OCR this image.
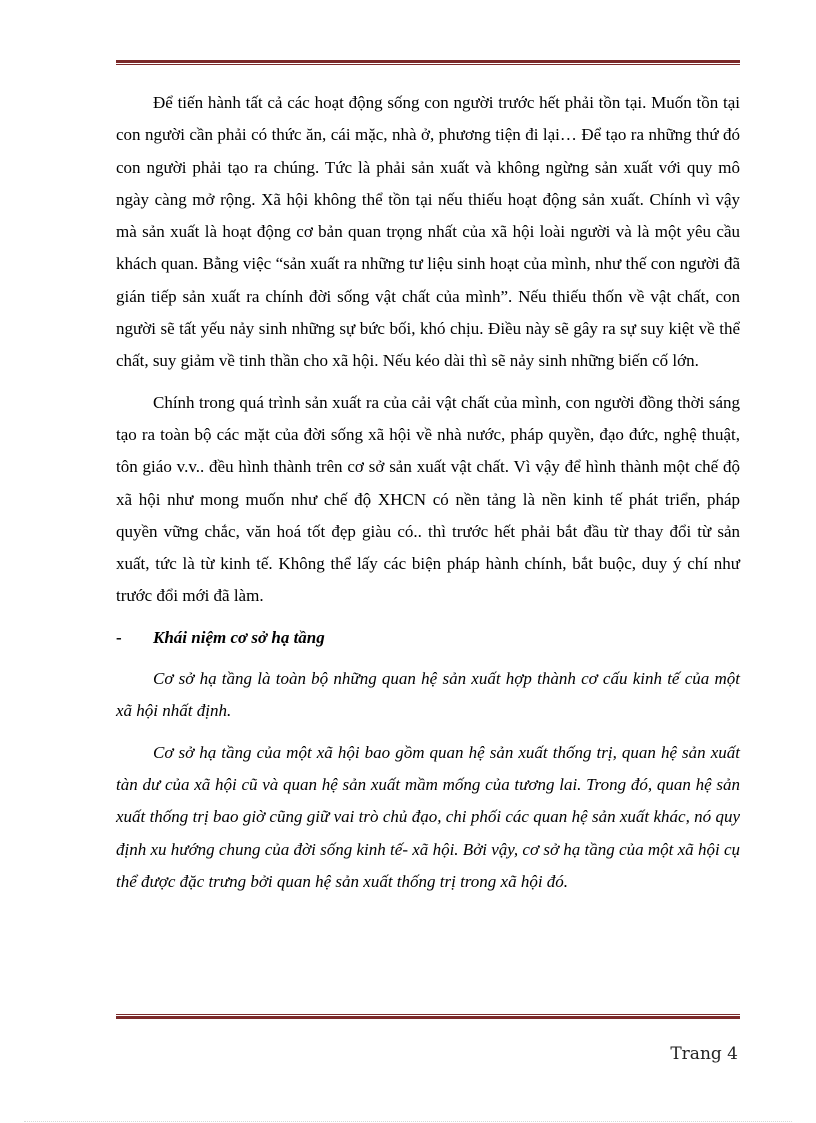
Để tiến hành tất cả các hoạt động sống con người trước hết phải tồn tại. Muốn tồn tại con người cần phải có thức ăn, cái mặc, nhà ở, phương tiện đi lại… Để tạo ra những thứ đó con người phải tạo ra chúng. Tức là phải sản xuất và không ngừng sản xuất với quy mô ngày càng mở rộng. Xã hội không thể tồn tại nếu thiếu hoạt động sản xuất. Chính vì vậy mà sản xuất là hoạt động cơ bản quan trọng nhất của xã hội loài người và là một yêu cầu khách quan. Bằng việc “sản xuất ra những tư liệu sinh hoạt của mình, như thế con người đã gián tiếp sản xuất ra chính đời sống vật chất của mình”. Nếu thiếu thốn về vật chất, con người sẽ tất yếu nảy sinh những sự bức bối, khó chịu. Điều này sẽ gây ra sự suy kiệt về thể chất, suy giảm về tinh thần cho xã hội. Nếu kéo dài thì sẽ nảy sinh những biến cố lớn.

Chính trong quá trình sản xuất ra của cải vật chất của mình, con người đồng thời sáng tạo ra toàn bộ các mặt của đời sống xã hội về nhà nước, pháp quyền, đạo đức, nghệ thuật, tôn giáo v.v.. đều hình thành trên cơ sở sản xuất vật chất. Vì vậy để hình thành một chế độ xã hội như mong muốn như chế độ XHCN có nền tảng là nền kinh tế phát triển, pháp quyền vững chắc, văn hoá tốt đẹp giàu có.. thì trước hết phải bắt đầu từ thay đổi từ sản xuất, tức là từ kinh tế. Không thể lấy các biện pháp hành chính, bắt buộc, duy ý chí như trước đổi mới đã làm.

- Khái niệm cơ sở hạ tầng

Cơ sở hạ tầng là toàn bộ những quan hệ sản xuất hợp thành cơ cấu kinh tế của một xã hội nhất định.

Cơ sở hạ tầng của một xã hội bao gồm quan hệ sản xuất thống trị, quan hệ sản xuất tàn dư của xã hội cũ và quan hệ sản xuất mầm mống của tương lai. Trong đó, quan hệ sản xuất thống trị bao giờ cũng giữ vai trò chủ đạo, chi phối các quan hệ sản xuất khác, nó quy định xu hướng chung của đời sống kinh tế- xã hội. Bởi vậy, cơ sở hạ tầng của một xã hội cụ thể được đặc trưng bởi quan hệ sản xuất thống trị trong xã hội đó.

Trang 4
